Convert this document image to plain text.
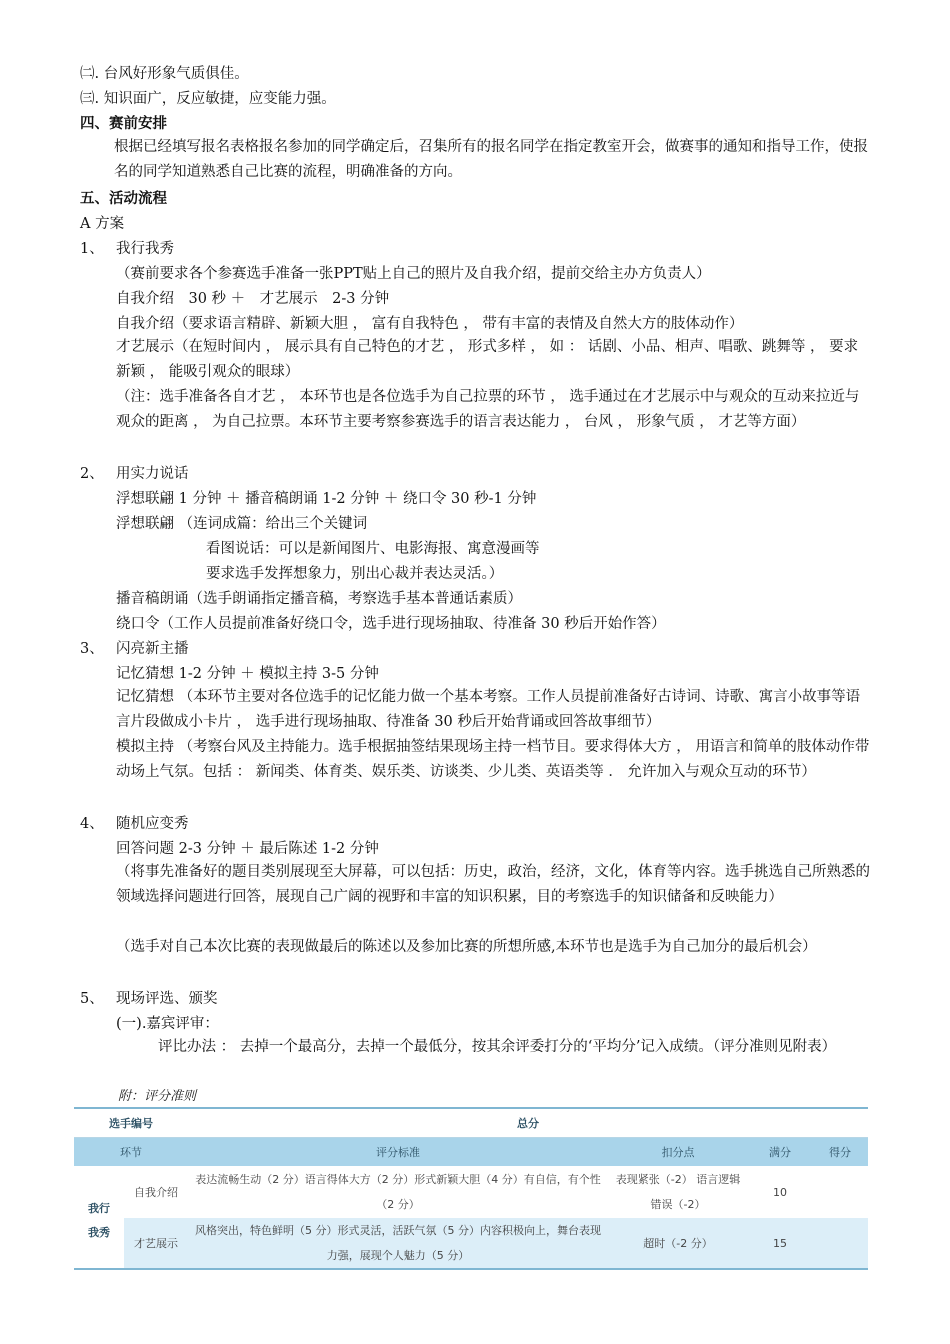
㈡. 台风好形象气质俱佳。
㈢. 知识面广，反应敏捷，应变能力强。
四、赛前安排
根据已经填写报名表格报名参加的同学确定后，召集所有的报名同学在指定教室开会，做赛事的通知和指导工作，使报名的同学知道熟悉自己比赛的流程，明确准备的方向。
五、活动流程
A 方案
1、 我行我秀
（赛前要求各个参赛选手准备一张PPT贴上自己的照片及自我介绍，提前交给主办方负责人）
自我介绍　30 秒 ＋　才艺展示　2-3 分钟
自我介绍（要求语言精辟、新颖大胆 ， 富有自我特色 ， 带有丰富的表情及自然大方的肢体动作）
才艺展示（在短时间内 ， 展示具有自己特色的才艺 ， 形式多样 ， 如 ： 话剧、小品、相声、唱歌、跳舞等 ， 要求新颖 ， 能吸引观众的眼球）
（注：选手准备各自才艺 ， 本环节也是各位选手为自己拉票的环节 ， 选手通过在才艺展示中与观众的互动来拉近与观众的距离 ， 为自己拉票。本环节主要考察参赛选手的语言表达能力 ， 台风 ， 形象气质 ， 才艺等方面）
2、 用实力说话
浮想联翩 1 分钟 ＋ 播音稿朗诵 1-2 分钟 ＋ 绕口令 30 秒-1 分钟
浮想联翩 （连词成篇：给出三个关键词
看图说话：可以是新闻图片、电影海报、寓意漫画等
要求选手发挥想象力，别出心裁并表达灵活。）
播音稿朗诵（选手朗诵指定播音稿，考察选手基本普通话素质）
绕口令（工作人员提前准备好绕口令，选手进行现场抽取、待准备 30 秒后开始作答）
3、 闪亮新主播
记忆猜想 1-2 分钟 ＋ 模拟主持 3-5 分钟
记忆猜想 （本环节主要对各位选手的记忆能力做一个基本考察。工作人员提前准备好古诗词、诗歌、寓言小故事等语言片段做成小卡片 ， 选手进行现场抽取、待准备 30 秒后开始背诵或回答故事细节）
模拟主持 （考察台风及主持能力。选手根据抽签结果现场主持一档节目。要求得体大方 ， 用语言和简单的肢体动作带动场上气氛。包括 ： 新闻类、体育类、娱乐类、访谈类、少儿类、英语类等 ． 允许加入与观众互动的环节）
4、 随机应变秀
回答问题 2-3 分钟 ＋ 最后陈述 1-2 分钟
（将事先准备好的题目类别展现至大屏幕，可以包括：历史，政治，经济，文化，体育等内容。选手挑选自己所熟悉的领域选择问题进行回答，展现自己广阔的视野和丰富的知识积累，目的考察选手的知识储备和反映能力）
（选手对自己本次比赛的表现做最后的陈述以及参加比赛的所想所感,本环节也是选手为自己加分的最后机会）
5、 现场评选、颁奖
(一).嘉宾评审：
评比办法 ： 去掉一个最高分，去掉一个最低分，按其余评委打分的‘平均分’记入成绩。（评分准则见附表）
附：评分准则
选手编号		总分			
环节		评分标准	扣分点	满分	得分
我行	自我介绍	表达流畅生动（2 分）语言得体大方（2 分）形式新颖大胆（4 分）有自信，有个性（2 分）	表现紧张（-2） 语言逻辑错误（-2）	10	
我秀	才艺展示	风格突出，特色鲜明（5 分）形式灵活，活跃气氛（5 分）内容积极向上，舞台表现力强，展现个人魅力（5 分）	超时（-2 分）	15	
